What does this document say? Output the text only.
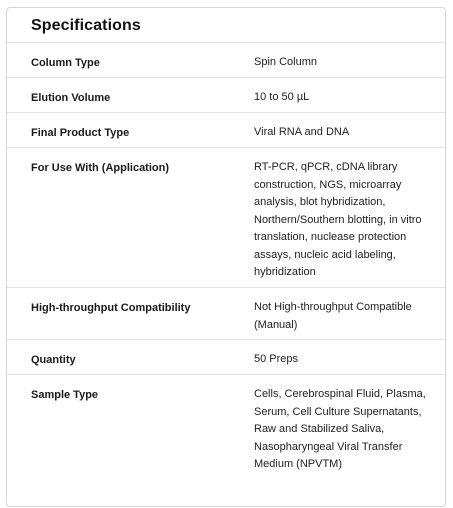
Specifications
Column Type	Spin Column
Elution Volume	10 to 50 µL
Final Product Type	Viral RNA and DNA
For Use With (Application)	RT-PCR, qPCR, cDNA library construction, NGS, microarray analysis, blot hybridization, Northern/Southern blotting, in vitro translation, nuclease protection assays, nucleic acid labeling, hybridization
High-throughput Compatibility	Not High-throughput Compatible (Manual)
Quantity	50 Preps
Sample Type	Cells, Cerebrospinal Fluid, Plasma, Serum, Cell Culture Supernatants, Raw and Stabilized Saliva, Nasopharyngeal Viral Transfer Medium (NPVTM)
